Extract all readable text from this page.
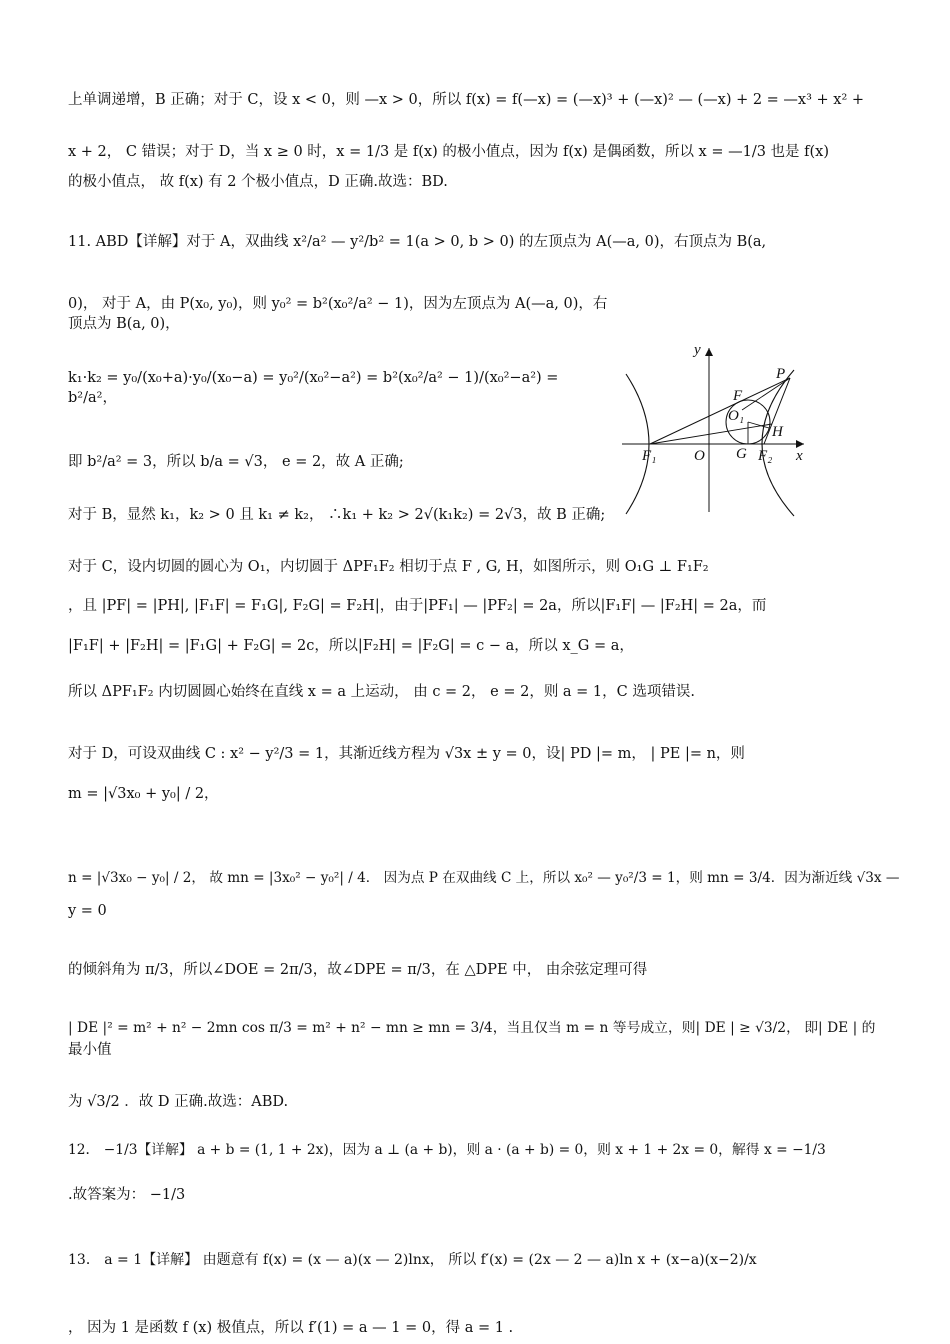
上单调递增，B 正确；对于 C，设 x < 0，则 —x > 0，所以 f(x) = f(—x) = (—x)³ + (—x)² — (—x) + 2 = —x³ + x² +
x + 2， C 错误；对于 D，当 x ≥ 0 时，x = 1/3 是 f(x) 的极小值点，因为 f(x) 是偶函数，所以 x = —1/3 也是 f(x)
的极小值点， 故 f(x) 有 2 个极小值点，D 正确.故选：BD.
11. ABD【详解】对于 A，双曲线 x²/a² — y²/b² = 1(a > 0, b > 0) 的左顶点为 A(—a, 0)，右顶点为 B(a,
0)， 对于 A，由 P(x₀, y₀)，则 y₀² = b²(x₀²/a² − 1)，因为左顶点为 A(—a, 0)，右顶点为 B(a, 0)，
k₁·k₂ = y₀/(x₀+a)·y₀/(x₀−a) = y₀²/(x₀²−a²) = b²(x₀²/a² − 1)/(x₀²−a²) = b²/a²，
即 b²/a² = 3，所以 b/a = √3， e = 2，故 A 正确;
对于 B，显然 k₁，k₂ > 0 且 k₁ ≠ k₂， ∴k₁ + k₂ > 2√(k₁k₂) = 2√3，故 B 正确;
对于 C，设内切圆的圆心为 O₁，内切圆于 ΔPF₁F₂ 相切于点 F , G, H，如图所示，则 O₁G ⊥ F₁F₂
，且 |PF| = |PH|, |F₁F| = F₁G|, F₂G| = F₂H|，由于|PF₁| — |PF₂| = 2a，所以|F₁F| — |F₂H| = 2a，而
|F₁F| + |F₂H| = |F₁G| + F₂G| = 2c，所以|F₂H| = |F₂G| = c − a，所以 x_G = a，
所以 ΔPF₁F₂ 内切圆圆心始终在直线 x = a 上运动， 由 c = 2， e = 2，则 a = 1，C 选项错误.
对于 D，可设双曲线 C : x² − y²/3 = 1，其渐近线方程为 √3x ± y = 0，设| PD |= m， | PE |= n，则
m = |√3x₀ + y₀| / 2，
n = |√3x₀ − y₀| / 2， 故 mn = |3x₀² − y₀²| / 4． 因为点 P 在双曲线 C 上，所以 x₀² — y₀²/3 = 1，则 mn = 3/4．因为渐近线 √3x —
y = 0
的倾斜角为 π/3，所以∠DOE = 2π/3，故∠DPE = π/3，在 △DPE 中， 由余弦定理可得
| DE |² = m² + n² − 2mn cos π/3 = m² + n² − mn ≥ mn = 3/4，当且仅当 m = n 等号成立，则| DE | ≥ √3/2， 即| DE | 的
最小值
为 √3/2 ．故 D 正确.故选：ABD.
12． −1/3【详解】 a + b = (1, 1 + 2x)，因为 a ⊥ (a + b)，则 a · (a + b) = 0，则 x + 1 + 2x = 0，解得 x = −1/3
.故答案为： −1/3
13． a = 1【详解】 由题意有 f(x) = (x — a)(x — 2)lnx， 所以 f′(x) = (2x — 2 — a)ln x + (x−a)(x−2)/x
， 因为 1 是函数 f (x) 极值点，所以 f′(1) = a — 1 = 0，得 a = 1 .
y
P
F
O₁
H
F₁	O G F₂ x
